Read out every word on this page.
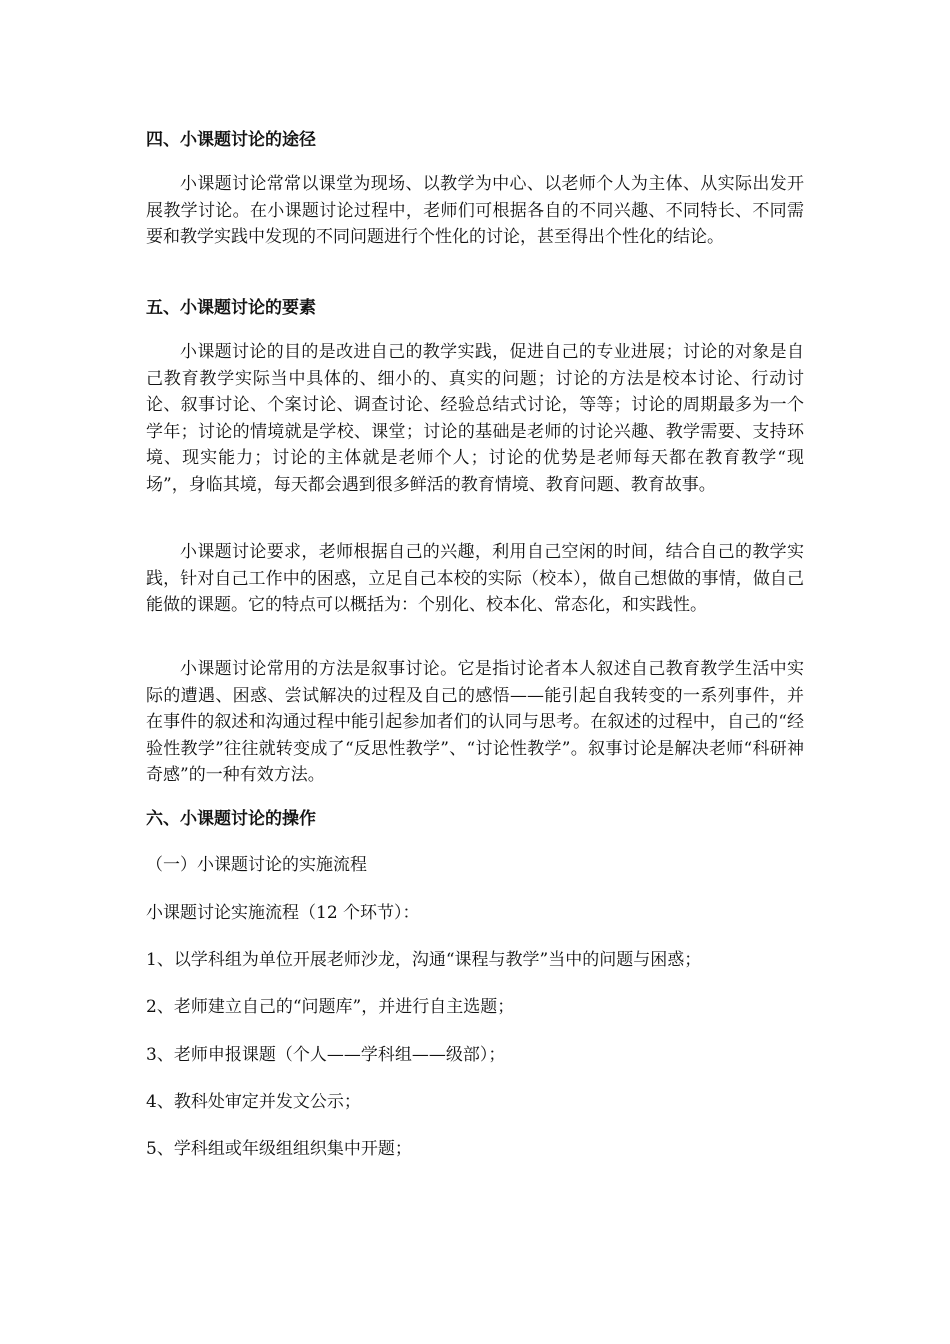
四、小课题讨论的途径
小课题讨论常常以课堂为现场、以教学为中心、以老师个人为主体、从实际出发开展教学讨论。在小课题讨论过程中，老师们可根据各自的不同兴趣、不同特长、不同需要和教学实践中发现的不同问题进行个性化的讨论，甚至得出个性化的结论。
五、小课题讨论的要素
小课题讨论的目的是改进自己的教学实践，促进自己的专业进展；讨论的对象是自己教育教学实际当中具体的、细小的、真实的问题；讨论的方法是校本讨论、行动讨论、叙事讨论、个案讨论、调查讨论、经验总结式讨论，等等；讨论的周期最多为一个学年；讨论的情境就是学校、课堂；讨论的基础是老师的讨论兴趣、教学需要、支持环境、现实能力；讨论的主体就是老师个人；讨论的优势是老师每天都在教育教学“现场”，身临其境，每天都会遇到很多鲜活的教育情境、教育问题、教育故事。
小课题讨论要求，老师根据自己的兴趣，利用自己空闲的时间，结合自己的教学实践，针对自己工作中的困惑，立足自己本校的实际（校本），做自己想做的事情，做自己能做的课题。它的特点可以概括为：个别化、校本化、常态化，和实践性。
小课题讨论常用的方法是叙事讨论。它是指讨论者本人叙述自己教育教学生活中实际的遭遇、困惑、尝试解决的过程及自己的感悟——能引起自我转变的一系列事件，并在事件的叙述和沟通过程中能引起参加者们的认同与思考。在叙述的过程中，自己的“经验性教学”往往就转变成了“反思性教学”、“讨论性教学”。叙事讨论是解决老师“科研神奇感”的一种有效方法。
六、小课题讨论的操作
（一）小课题讨论的实施流程
小课题讨论实施流程（12 个环节）：
1、以学科组为单位开展老师沙龙，沟通“课程与教学”当中的问题与困惑；
2、老师建立自己的“问题库”，并进行自主选题；
3、老师申报课题（个人——学科组——级部）；
4、教科处审定并发文公示；
5、学科组或年级组组织集中开题；
